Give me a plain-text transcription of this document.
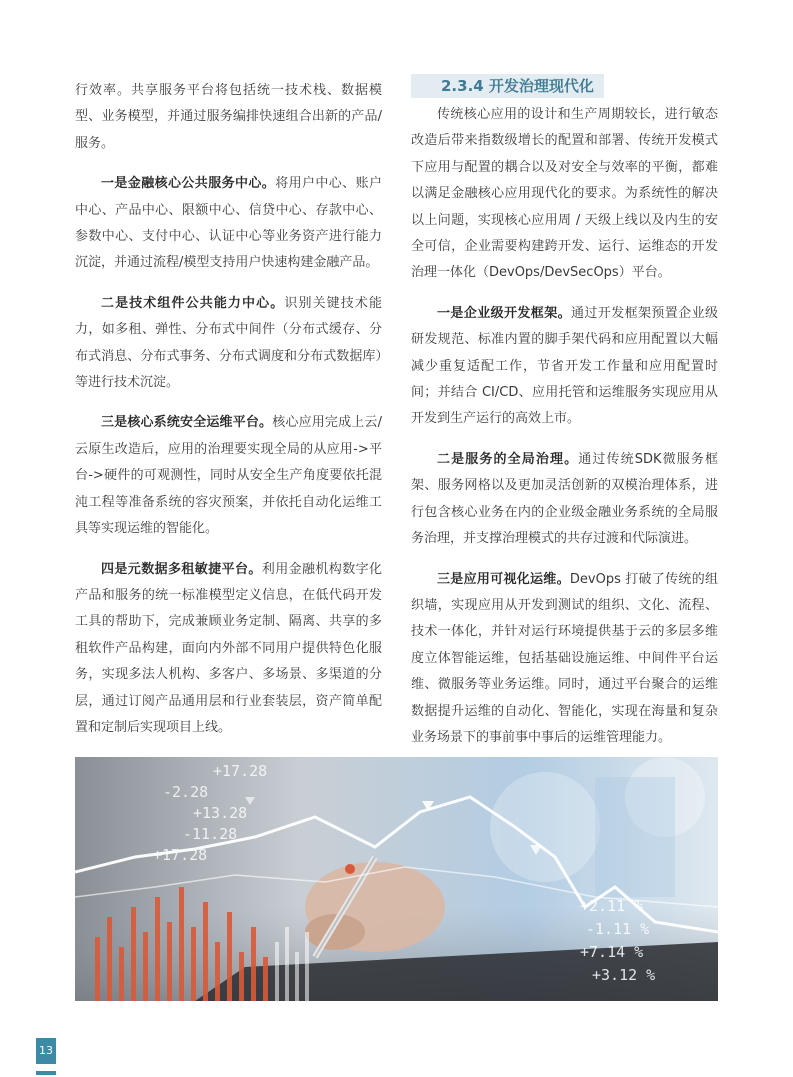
行效率。共享服务平台将包括统一技术栈、数据模型、业务模型，并通过服务编排快速组合出新的产品/服务。

一是金融核心公共服务中心。将用户中心、账户中心、产品中心、限额中心、信贷中心、存款中心、参数中心、支付中心、认证中心等业务资产进行能力沉淀，并通过流程/模型支持用户快速构建金融产品。

二是技术组件公共能力中心。识别关键技术能力，如多租、弹性、分布式中间件（分布式缓存、分布式消息、分布式事务、分布式调度和分布式数据库）等进行技术沉淀。

三是核心系统安全运维平台。核心应用完成上云/云原生改造后，应用的治理要实现全局的从应用->平台->硬件的可观测性，同时从安全生产角度要依托混沌工程等准备系统的容灾预案，并依托自动化运维工具等实现运维的智能化。

四是元数据多租敏捷平台。利用金融机构数字化产品和服务的统一标准模型定义信息，在低代码开发工具的帮助下，完成兼顾业务定制、隔离、共享的多租软件产品构建，面向内外部不同用户提供特色化服务，实现多法人机构、多客户、多场景、多渠道的分层，通过订阅产品通用层和行业套装层，资产简单配置和定制后实现项目上线。

2.3.4 开发治理现代化

传统核心应用的设计和生产周期较长，进行敏态改造后带来指数级增长的配置和部署、传统开发模式下应用与配置的耦合以及对安全与效率的平衡，都难以满足金融核心应用现代化的要求。为系统性的解决以上问题，实现核心应用周 / 天级上线以及内生的安全可信，企业需要构建跨开发、运行、运维态的开发治理一体化（DevOps/DevSecOps）平台。

一是企业级开发框架。通过开发框架预置企业级研发规范、标准内置的脚手架代码和应用配置以大幅减少重复适配工作，节省开发工作量和应用配置时间；并结合 CI/CD、应用托管和运维服务实现应用从开发到生产运行的高效上市。

二是服务的全局治理。通过传统SDK微服务框架、服务网格以及更加灵活创新的双模治理体系，进行包含核心业务在内的企业级金融业务系统的全局服务治理，并支撑治理模式的共存过渡和代际演进。

三是应用可视化运维。DevOps 打破了传统的组织墙，实现应用从开发到测试的组织、文化、流程、技术一体化，并针对运行环境提供基于云的多层多维度立体智能运维，包括基础设施运维、中间件平台运维、微服务等业务运维。同时，通过平台聚合的运维数据提升运维的自动化、智能化，实现在海量和复杂业务场景下的事前事中事后的运维管理能力。

+17.28
-2.28
+13.28
-11.28
+17.28
+2.11 %
-1.11 %
+7.14 %
+3.12 %
13
